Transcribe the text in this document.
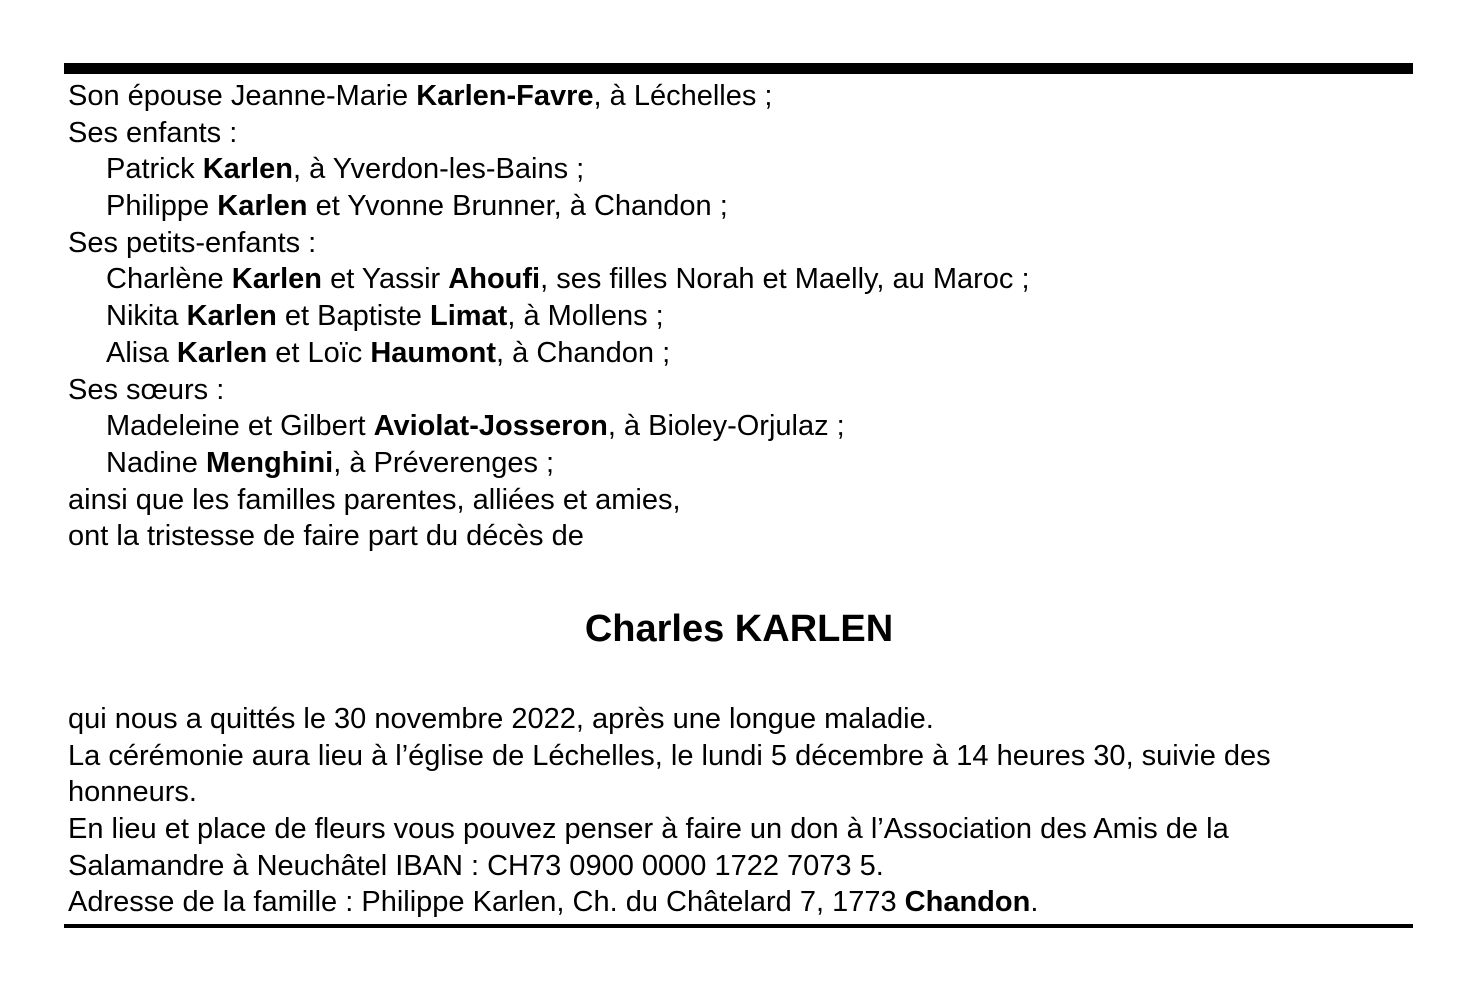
Son épouse Jeanne-Marie Karlen-Favre, à Léchelles ;
Ses enfants :
Patrick Karlen, à Yverdon-les-Bains ;
Philippe Karlen et Yvonne Brunner, à Chandon ;
Ses petits-enfants :
Charlène Karlen et Yassir Ahoufi, ses filles Norah et Maelly, au Maroc ;
Nikita Karlen et Baptiste Limat, à Mollens ;
Alisa Karlen et Loïc Haumont, à Chandon ;
Ses sœurs :
Madeleine et Gilbert Aviolat-Josseron, à Bioley-Orjulaz ;
Nadine Menghini, à Préverenges ;
ainsi que les familles parentes, alliées et amies,
ont la tristesse de faire part du décès de
Charles KARLEN
qui nous a quittés le 30 novembre 2022, après une longue maladie.
La cérémonie aura lieu à l’église de Léchelles, le lundi 5 décembre à 14 heures 30, suivie des
honneurs.
En lieu et place de fleurs vous pouvez penser à faire un don à l’Association des Amis de la
Salamandre à Neuchâtel IBAN : CH73 0900 0000 1722 7073 5.
Adresse de la famille : Philippe Karlen, Ch. du Châtelard 7, 1773 Chandon.
